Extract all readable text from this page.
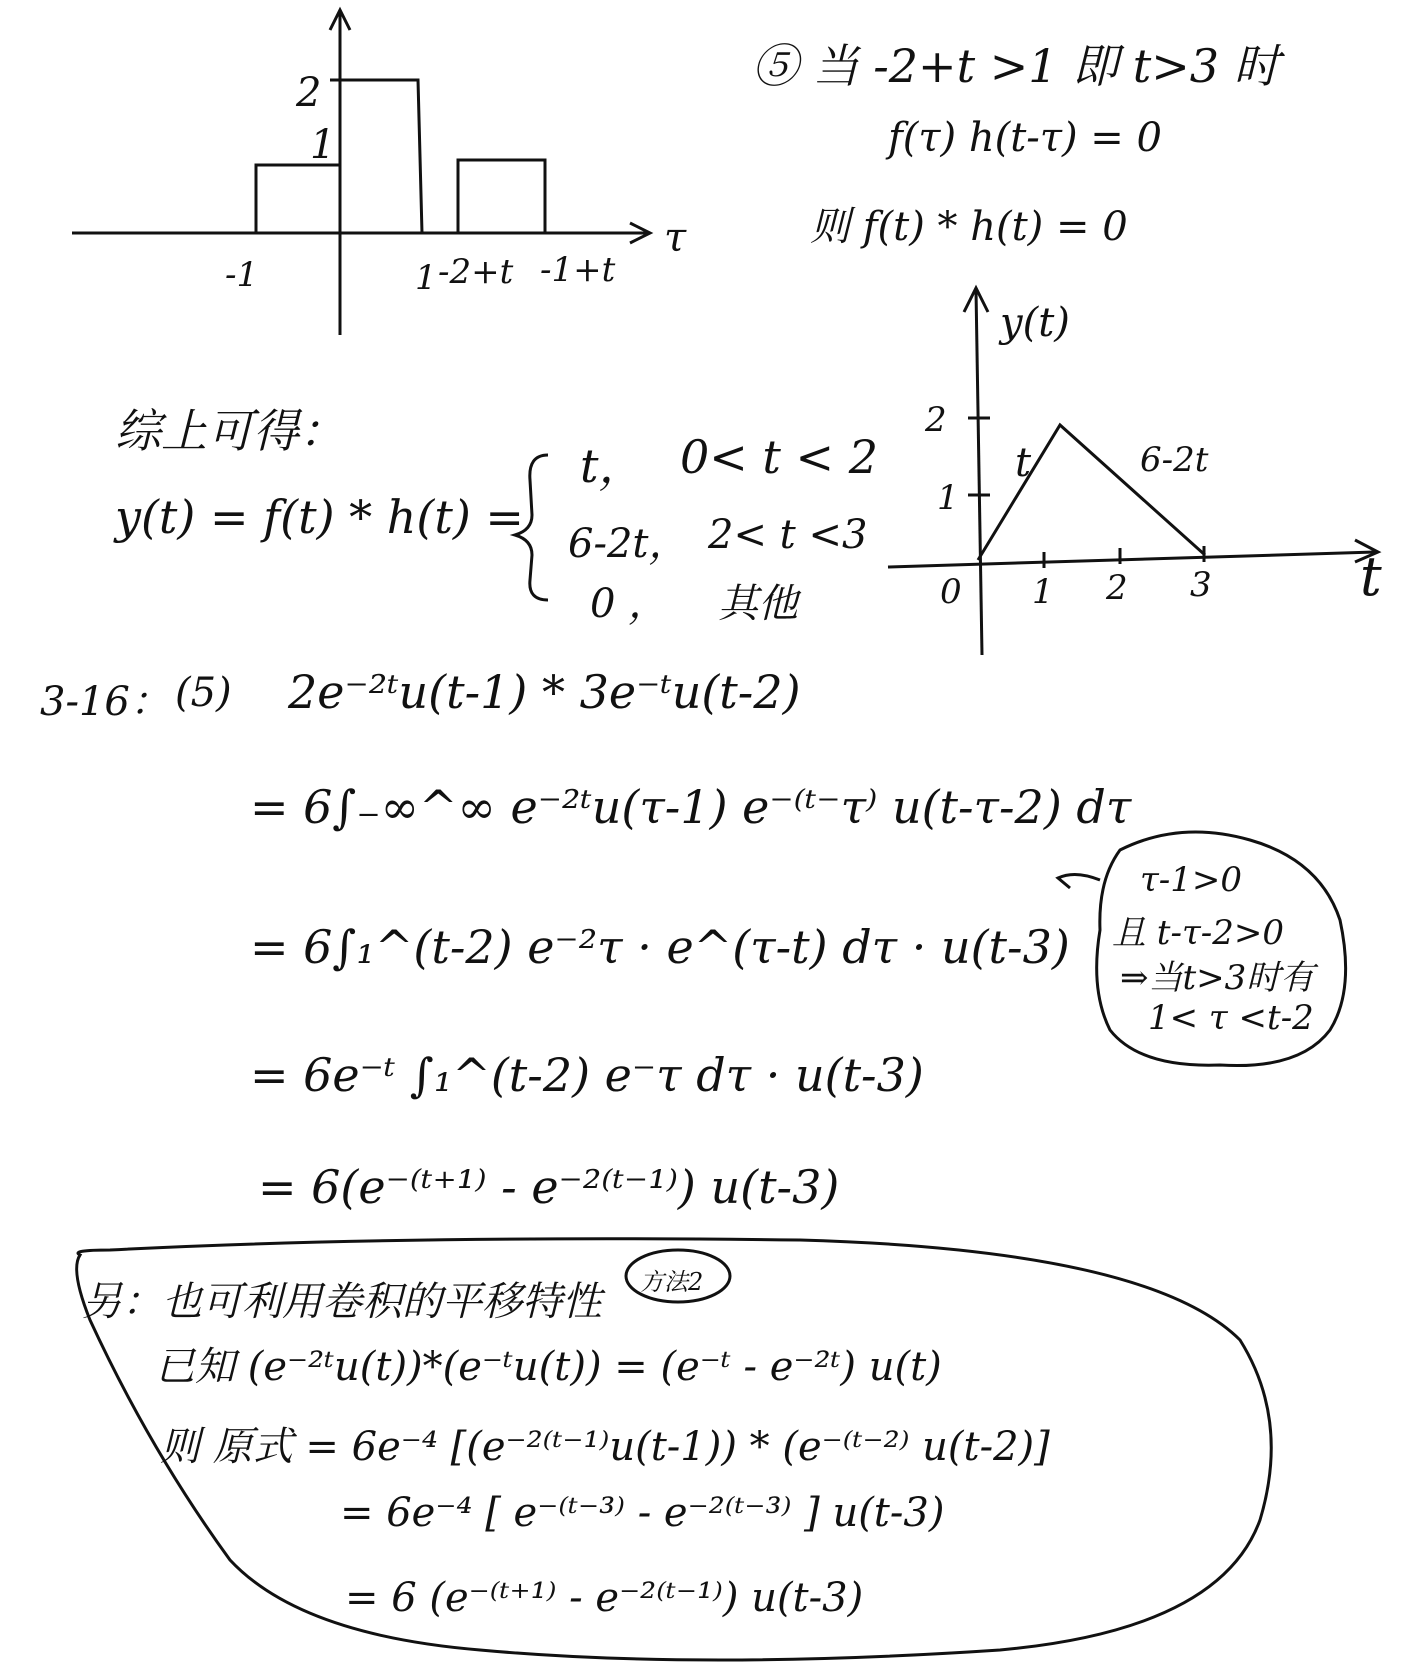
τ
2
1
-1	1 -2+t -1+t
⑤ 当 -2+t >1 即 t>3 时
f(τ) h(t-τ) = 0
则 f(t) * h(t) = 0
y(t)
t
2
1
0 1 2 3
t	6-2t
综上可得：
y(t) = f(t) * h(t) =
t， 0< t < 2
6-2t， 2< t <3
0 ， 其他
3-16： (5) 2e⁻²ᵗu(t-1) * 3e⁻ᵗu(t-2)
= 6∫₋∞^∞ e⁻²ᵗu(τ-1) e⁻⁽ᵗ⁻τ⁾ u(t-τ-2) dτ
= 6∫₁^(t-2) e⁻²τ · e^(τ-t) dτ · u(t-3)
= 6e⁻ᵗ ∫₁^(t-2) e⁻τ dτ · u(t-3)
= 6(e⁻⁽ᵗ⁺¹⁾ - e⁻²⁽ᵗ⁻¹⁾) u(t-3)
τ-1>0
且 t-τ-2>0
⇒当t>3时有
1< τ <t-2
方法2
另：也可利用卷积的平移特性
已知 (e⁻²ᵗu(t))*(e⁻ᵗu(t)) = (e⁻ᵗ - e⁻²ᵗ) u(t)
则 原式 = 6e⁻⁴ [(e⁻²⁽ᵗ⁻¹⁾u(t-1)) * (e⁻⁽ᵗ⁻²⁾ u(t-2)]
= 6e⁻⁴ [ e⁻⁽ᵗ⁻³⁾ - e⁻²⁽ᵗ⁻³⁾ ] u(t-3)
= 6 (e⁻⁽ᵗ⁺¹⁾ - e⁻²⁽ᵗ⁻¹⁾) u(t-3)
